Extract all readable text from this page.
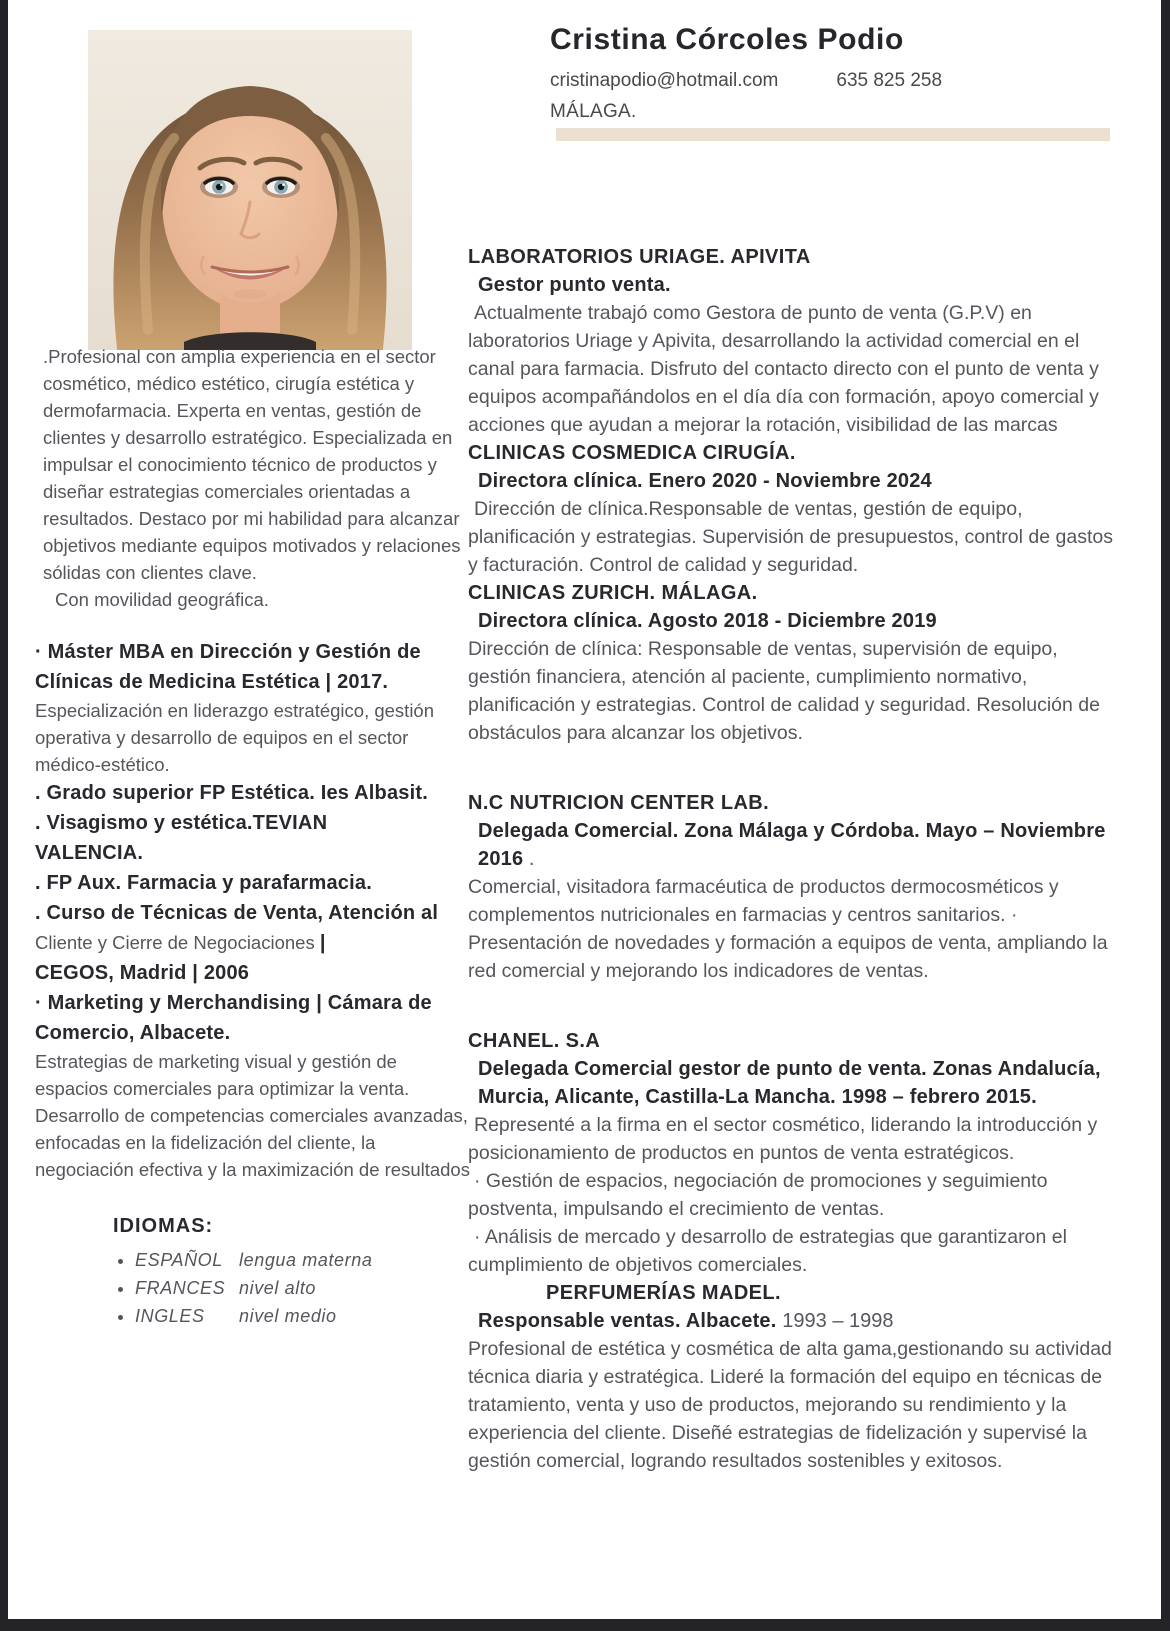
Cristina Córcoles Podio
cristinapodio@hotmail.com	635 825 258
MÁLAGA.

.Profesional con amplia experiencia en el sector cosmético, médico estético, cirugía estética y dermofarmacia. Experta en ventas, gestión de clientes y desarrollo estratégico. Especializada en impulsar el conocimiento técnico de productos y diseñar estrategias comerciales orientadas a resultados. Destaco por mi habilidad para alcanzar objetivos mediante equipos motivados y relaciones sólidas con clientes clave.

Con movilidad geográfica.

· Máster MBA en Dirección y Gestión de Clínicas de Medicina Estética | 2017.

Especialización en liderazgo estratégico, gestión operativa y desarrollo de equipos en el sector médico-estético.

. Grado superior FP Estética. Ies Albasit.

. Visagismo y estética.TEVIAN
VALENCIA.

. FP Aux. Farmacia y parafarmacia.

. Curso de Técnicas de Venta, Atención al
Cliente y Cierre de Negociaciones |
CEGOS, Madrid | 2006

· Marketing y Merchandising | Cámara de Comercio, Albacete.

Estrategias de marketing visual y gestión de espacios comerciales para optimizar la venta.

Desarrollo de competencias comerciales avanzadas, enfocadas en la fidelización del cliente, la negociación efectiva y la maximización de resultados

IDIOMAS:

• ESPAÑOL lengua materna
• FRANCES nivel alto
• INGLES nivel medio

LABORATORIOS URIAGE. APIVITA

Gestor punto venta.

Actualmente trabajó como Gestora de punto de venta (G.P.V) en laboratorios Uriage y Apivita, desarrollando la actividad comercial en el canal para farmacia. Disfruto del contacto directo con el punto de venta y equipos acompañándolos en el día día con formación, apoyo comercial y acciones que ayudan a mejorar la rotación, visibilidad de las marcas

CLINICAS COSMEDICA CIRUGÍA.

Directora clínica. Enero 2020 - Noviembre 2024

Dirección de clínica.Responsable de ventas, gestión de equipo, planificación y estrategias. Supervisión de presupuestos, control de gastos y facturación. Control de calidad y seguridad.

CLINICAS ZURICH. MÁLAGA.

Directora clínica. Agosto 2018 - Diciembre 2019

Dirección de clínica: Responsable de ventas, supervisión de equipo, gestión financiera, atención al paciente, cumplimiento normativo, planificación y estrategias. Control de calidad y seguridad. Resolución de obstáculos para alcanzar los objetivos.

N.C NUTRICION CENTER LAB.

Delegada Comercial. Zona Málaga y Córdoba. Mayo – Noviembre 2016 .

Comercial, visitadora farmacéutica de productos dermocosméticos y complementos nutricionales en farmacias y centros sanitarios. · Presentación de novedades y formación a equipos de venta, ampliando la red comercial y mejorando los indicadores de ventas.

CHANEL. S.A

Delegada Comercial gestor de punto de venta. Zonas Andalucía, Murcia, Alicante, Castilla-La Mancha. 1998 – febrero 2015.

Representé a la firma en el sector cosmético, liderando la introducción y posicionamiento de productos en puntos de venta estratégicos.

· Gestión de espacios, negociación de promociones y seguimiento postventa, impulsando el crecimiento de ventas.

· Análisis de mercado y desarrollo de estrategias que garantizaron el cumplimiento de objetivos comerciales.

PERFUMERÍAS MADEL.

Responsable ventas. Albacete. 1993 – 1998

Profesional de estética y cosmética de alta gama,gestionando su actividad técnica diaria y estratégica. Lideré la formación del equipo en técnicas de tratamiento, venta y uso de productos, mejorando su rendimiento y la experiencia del cliente. Diseñé estrategias de fidelización y supervisé la gestión comercial, logrando resultados sostenibles y exitosos.
